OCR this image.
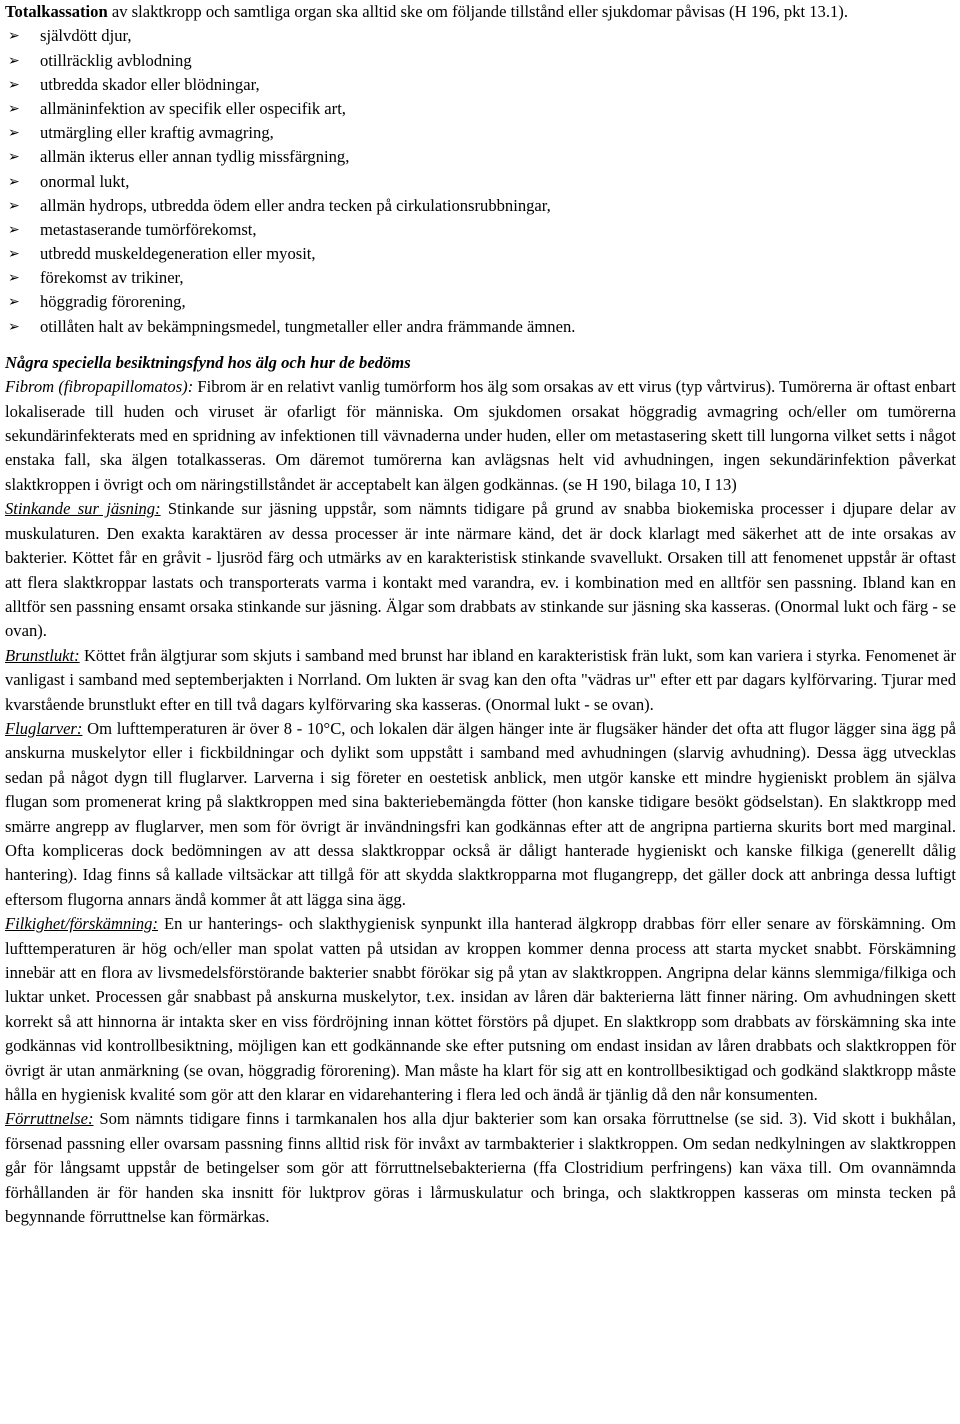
Totalkassation av slaktkropp och samtliga organ ska alltid ske om följande tillstånd eller sjukdomar påvisas (H 196, pkt 13.1).

➢ självdött djur,
➢ otillräcklig avblodning
➢ utbredda skador eller blödningar,
➢ allmäninfektion av specifik eller ospecifik art,
➢ utmärgling eller kraftig avmagring,
➢ allmän ikterus eller annan tydlig missfärgning,
➢ onormal lukt,
➢ allmän hydrops, utbredda ödem eller andra tecken på cirkulationsrubbningar,
➢ metastaserande tumörförekomst,
➢ utbredd muskeldegeneration eller myosit,
➢ förekomst av trikiner,
➢ höggradig förorening,
➢ otillåten halt av bekämpningsmedel, tungmetaller eller andra främmande ämnen.

Några speciella besiktningsfynd hos älg och hur de bedöms

Fibrom (fibropapillomatos): Fibrom är en relativt vanlig tumörform hos älg som orsakas av ett virus (typ vårtvirus). Tumörerna är oftast enbart lokaliserade till huden och viruset är ofarligt för människa. Om sjukdomen orsakat höggradig avmagring och/eller om tumörerna sekundärinfekterats med en spridning av infektionen till vävnaderna under huden, eller om metastasering skett till lungorna vilket setts i något enstaka fall, ska älgen totalkasseras. Om däremot tumörerna kan avlägsnas helt vid avhudningen, ingen sekundärinfektion påverkat slaktkroppen i övrigt och om näringstillståndet är acceptabelt kan älgen godkännas. (se H 190, bilaga 10, I 13)

Stinkande sur jäsning: Stinkande sur jäsning uppstår, som nämnts tidigare på grund av snabba biokemiska processer i djupare delar av muskulaturen. Den exakta karaktären av dessa processer är inte närmare känd, det är dock klarlagt med säkerhet att de inte orsakas av bakterier. Köttet får en gråvit - ljusröd färg och utmärks av en karakteristisk stinkande svavellukt. Orsaken till att fenomenet uppstår är oftast att flera slaktkroppar lastats och transporterats varma i kontakt med varandra, ev. i kombination med en alltför sen passning. Ibland kan en alltför sen passning ensamt orsaka stinkande sur jäsning. Älgar som drabbats av stinkande sur jäsning ska kasseras. (Onormal lukt och färg - se ovan).

Brunstlukt: Köttet från älgtjurar som skjuts i samband med brunst har ibland en karakteristisk frän lukt, som kan variera i styrka. Fenomenet är vanligast i samband med septemberjakten i Norrland. Om lukten är svag kan den ofta "vädras ur" efter ett par dagars kylförvaring. Tjurar med kvarstående brunstlukt efter en till två dagars kylförvaring ska kasseras. (Onormal lukt - se ovan).

Fluglarver: Om lufttemperaturen är över 8 - 10°C, och lokalen där älgen hänger inte är flugsäker händer det ofta att flugor lägger sina ägg på anskurna muskelytor eller i fickbildningar och dylikt som uppstått i samband med avhudningen (slarvig avhudning). Dessa ägg utvecklas sedan på något dygn till fluglarver. Larverna i sig företer en oestetisk anblick, men utgör kanske ett mindre hygieniskt problem än själva flugan som promenerat kring på slaktkroppen med sina bakteriebemängda fötter (hon kanske tidigare besökt gödselstan). En slaktkropp med smärre angrepp av fluglarver, men som för övrigt är invändningsfri kan godkännas efter att de angripna partierna skurits bort med marginal. Ofta kompliceras dock bedömningen av att dessa slaktkroppar också är dåligt hanterade hygieniskt och kanske filkiga (generellt dålig hantering). Idag finns så kallade viltsäckar att tillgå för att skydda slaktkropparna mot flugangrepp, det gäller dock att anbringa dessa luftigt eftersom flugorna annars ändå kommer åt att lägga sina ägg.

Filkighet/förskämning: En ur hanterings- och slakthygienisk synpunkt illa hanterad älgkropp drabbas förr eller senare av förskämning. Om lufttemperaturen är hög och/eller man spolat vatten på utsidan av kroppen kommer denna process att starta mycket snabbt. Förskämning innebär att en flora av livsmedelsförstörande bakterier snabbt förökar sig på ytan av slaktkroppen. Angripna delar känns slemmiga/filkiga och luktar unket. Processen går snabbast på anskurna muskelytor, t.ex. insidan av låren där bakterierna lätt finner näring. Om avhudningen skett korrekt så att hinnorna är intakta sker en viss fördröjning innan köttet förstörs på djupet. En slaktkropp som drabbats av förskämning ska inte godkännas vid kontrollbesiktning, möjligen kan ett godkännande ske efter putsning om endast insidan av låren drabbats och slaktkroppen för övrigt är utan anmärkning (se ovan, höggradig förorening). Man måste ha klart för sig att en kontrollbesiktigad och godkänd slaktkropp måste hålla en hygienisk kvalité som gör att den klarar en vidarehantering i flera led och ändå är tjänlig då den når konsumenten.

Förruttnelse: Som nämnts tidigare finns i tarmkanalen hos alla djur bakterier som kan orsaka förruttnelse (se sid. 3). Vid skott i bukhålan, försenad passning eller ovarsam passning finns alltid risk för invåxt av tarmbakterier i slaktkroppen. Om sedan nedkylningen av slaktkroppen går för långsamt uppstår de betingelser som gör att förruttnelsebakterierna (ffa Clostridium perfringens) kan växa till. Om ovannämnda förhållanden är för handen ska insnitt för luktprov göras i lårmuskulatur och bringa, och slaktkroppen kasseras om minsta tecken på begynnande förruttnelse kan förmärkas.
